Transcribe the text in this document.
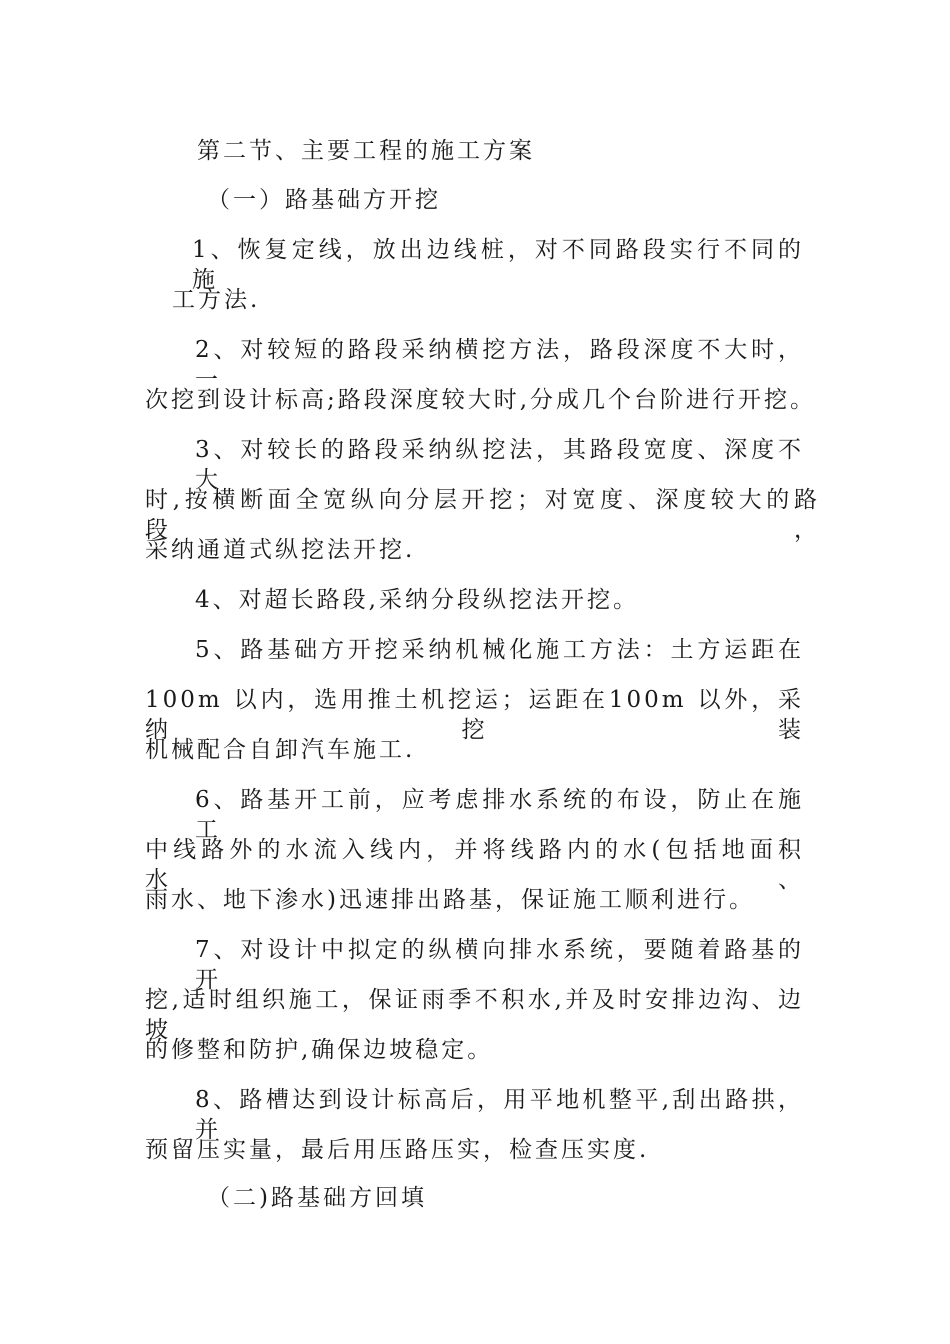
第二节、主要工程的施工方案
（一）路基础方开挖
1、恢复定线，放出边线桩，对不同路段实行不同的施
工方法.
2、对较短的路段采纳横挖方法，路段深度不大时，一
次挖到设计标高;路段深度较大时,分成几个台阶进行开挖。
3、对较长的路段采纳纵挖法，其路段宽度、深度不大
时,按横断面全宽纵向分层开挖；对宽度、深度较大的路段，
采纳通道式纵挖法开挖.
4、对超长路段,采纳分段纵挖法开挖。
5、路基础方开挖采纳机械化施工方法：土方运距在
100m 以内，选用推土机挖运；运距在100m 以外，采纳挖装
机械配合自卸汽车施工.
6、路基开工前，应考虑排水系统的布设，防止在施工
中线路外的水流入线内，并将线路内的水(包括地面积水、
雨水、地下渗水)迅速排出路基，保证施工顺利进行。
7、对设计中拟定的纵横向排水系统，要随着路基的开
挖,适时组织施工，保证雨季不积水,并及时安排边沟、边坡
的修整和防护,确保边坡稳定。
8、路槽达到设计标高后，用平地机整平,刮出路拱，并
预留压实量，最后用压路压实，检查压实度.
（二)路基础方回填
